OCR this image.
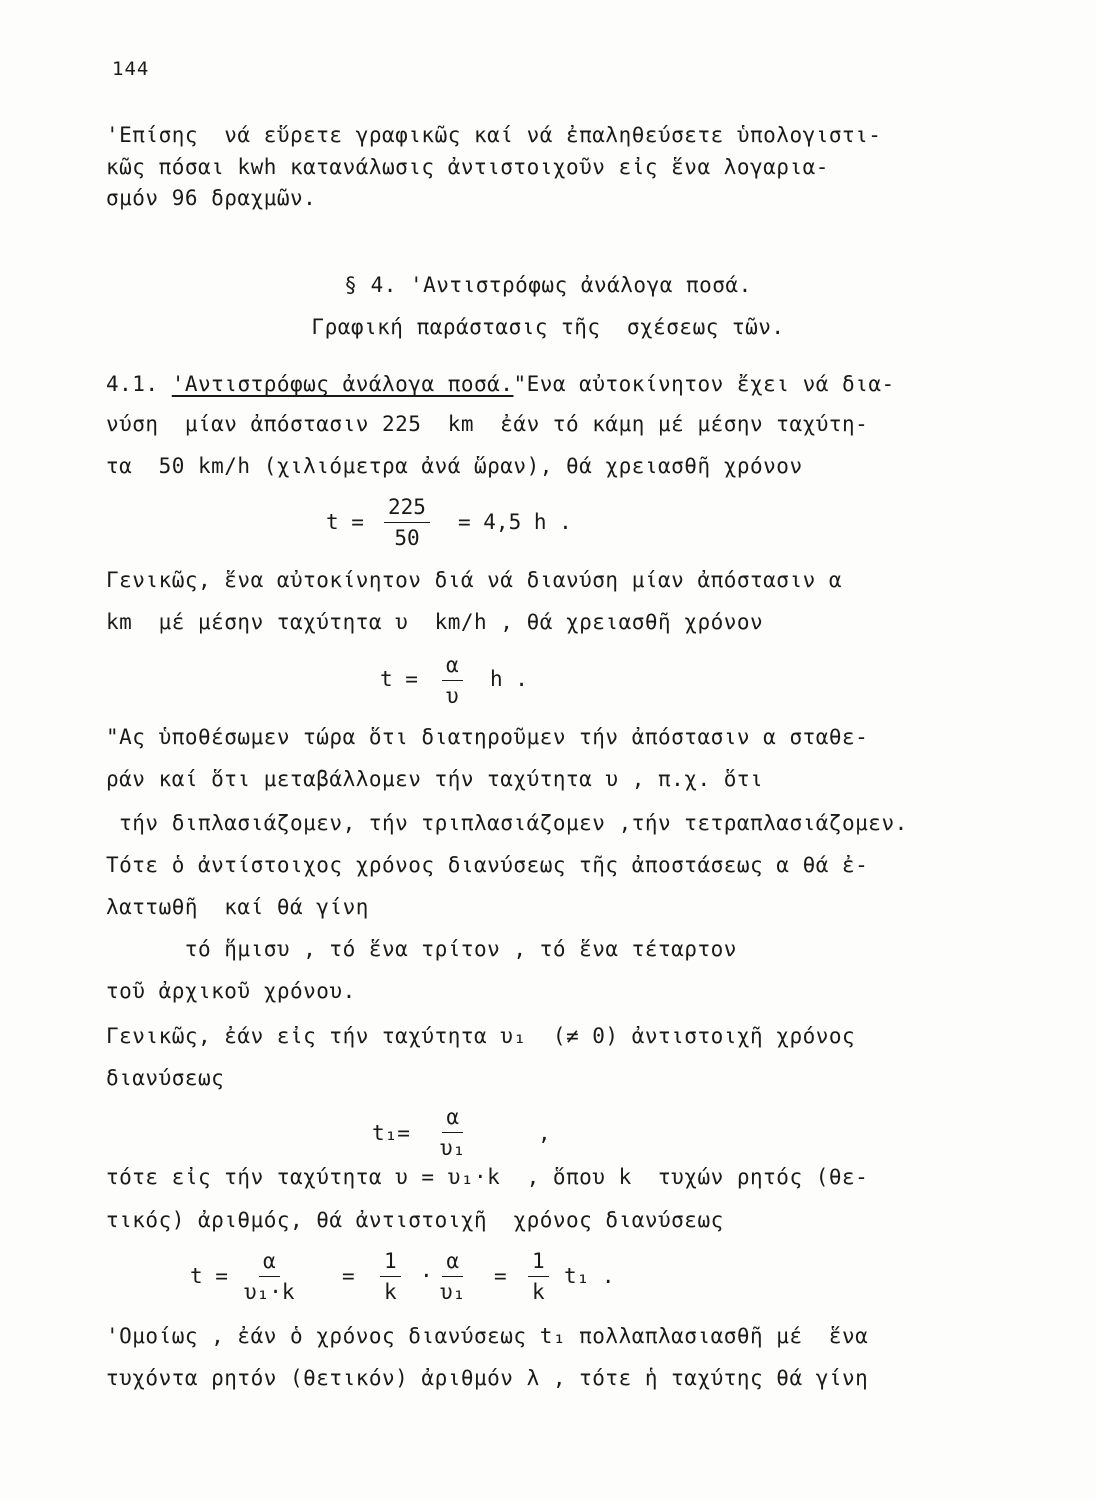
144
'Επίσης  νά εὕρετε γραφικῶς καί νά ἐπαληθεύσετε ὑπολογιστι-
κῶς πόσαι kwh κατανάλωσις ἀντιστοιχοῦν εἰς ἕνα λογαρια-
σμόν 96 δραχμῶν.
§ 4. 'Αντιστρόφως ἀνάλογα ποσά.
Γραφική παράστασις τῆς  σχέσεως τῶν.
4.1. 'Αντιστρόφως ἀνάλογα ποσά."Ενα αὐτοκίνητον ἔχει νά δια-
νύση  μίαν ἀπόστασιν 225  km  ἐάν τό κάμη μέ μέσην ταχύτη-
τα  50 km/h (χιλιόμετρα ἀνά ὥραν), θά χρειασθῆ χρόνον
$t = \frac{225}{50} = 4,5$ h .
Γενικῶς, ἕνα αὐτοκίνητον διά νά διανύση μίαν ἀπόστασιν α
km  μέ μέσην ταχύτητα υ  km/h , θά χρειασθῆ χρόνον
$t = \frac{\alpha}{\upsilon}$ h .
"Ας ὑποθέσωμεν τώρα ὅτι διατηροῦμεν τήν ἀπόστασιν α σταθε-
ράν καί ὅτι μεταβάλλομεν τήν ταχύτητα υ , π.χ. ὅτι
τήν διπλασιάζομεν, τήν τριπλασιάζομεν ,τήν τετραπλασιάζομεν.
Τότε ὁ ἀντίστοιχος χρόνος διανύσεως τῆς ἀποστάσεως α θά ἐ-
λαττωθῆ  καί θά γίνη
τό ἥμισυ , τό ἕνα τρίτον , τό ἕνα τέταρτον
τοῦ ἀρχικοῦ χρόνου.
Γενικῶς, ἐάν εἰς τήν ταχύτητα υ₁  (≠ 0) ἀντιστοιχῆ χρόνος
διανύσεως
$t_1= \frac{\alpha}{\text{υ₁}}$	,
τότε εἰς τήν ταχύτητα υ = υ₁·k  , ὅπου k  τυχών ρητός (θε-
τικός) ἀριθμός, θά ἀντιστοιχῆ  χρόνος διανύσεως
$t = \frac{\alpha}{\text{υ₁·k}} = \frac{1}{k} \cdot \frac{\alpha}{\text{υ₁}} = \frac{1}{k} t_1$ .
'Ομοίως , ἐάν ὁ χρόνος διανύσεως t₁ πολλαπλασιασθῆ μέ  ἕνα
τυχόντα ρητόν (θετικόν) ἀριθμόν λ , τότε ἡ ταχύτης θά γίνη
